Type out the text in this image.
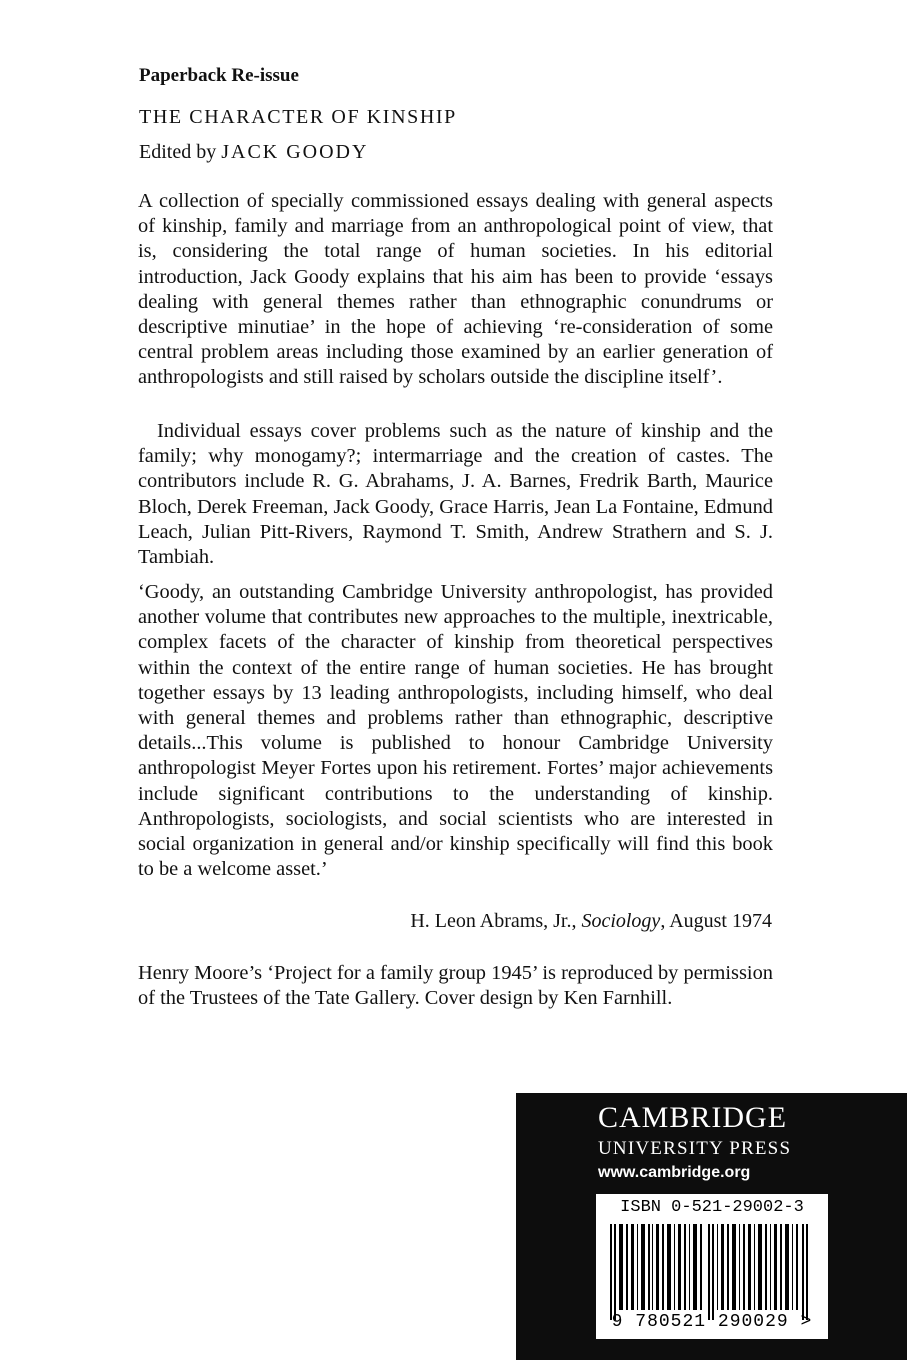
Paperback Re-issue
THE CHARACTER OF KINSHIP
Edited by JACK GOODY

A collection of specially commissioned essays dealing with general aspects of kinship, family and marriage from an anthropological point of view, that is, considering the total range of human societies. In his editorial introduction, Jack Goody explains that his aim has been to provide ‘essays dealing with general themes rather than ethnographic conundrums or descriptive minutiae’ in the hope of achieving ‘re-consideration of some central problem areas including those examined by an earlier generation of anthropologists and still raised by scholars outside the discipline itself’.

Individual essays cover problems such as the nature of kinship and the family; why monogamy?; intermarriage and the creation of castes. The contributors include R. G. Abrahams, J. A. Barnes, Fredrik Barth, Maurice Bloch, Derek Freeman, Jack Goody, Grace Harris, Jean La Fontaine, Edmund Leach, Julian Pitt-Rivers, Raymond T. Smith, Andrew Strathern and S. J. Tambiah.

‘Goody, an outstanding Cambridge University anthropologist, has provided another volume that contributes new approaches to the multiple, inextricable, complex facets of the character of kinship from theoretical perspectives within the context of the entire range of human societies. He has brought together essays by 13 leading anthropologists, including himself, who deal with general themes and problems rather than ethnographic, descriptive details...This volume is published to honour Cambridge University anthropologist Meyer Fortes upon his retirement. Fortes’ major achievements include significant contributions to the understanding of kinship. Anthropologists, sociologists, and social scientists who are interested in social organization in general and/or kinship specifically will find this book to be a welcome asset.’

H. Leon Abrams, Jr., Sociology, August 1974

Henry Moore’s ‘Project for a family group 1945’ is reproduced by permission of the Trustees of the Tate Gallery. Cover design by Ken Farnhill.

CAMBRIDGE
UNIVERSITY PRESS
www.cambridge.org
ISBN 0-521-29002-3
9 780521 290029 >
